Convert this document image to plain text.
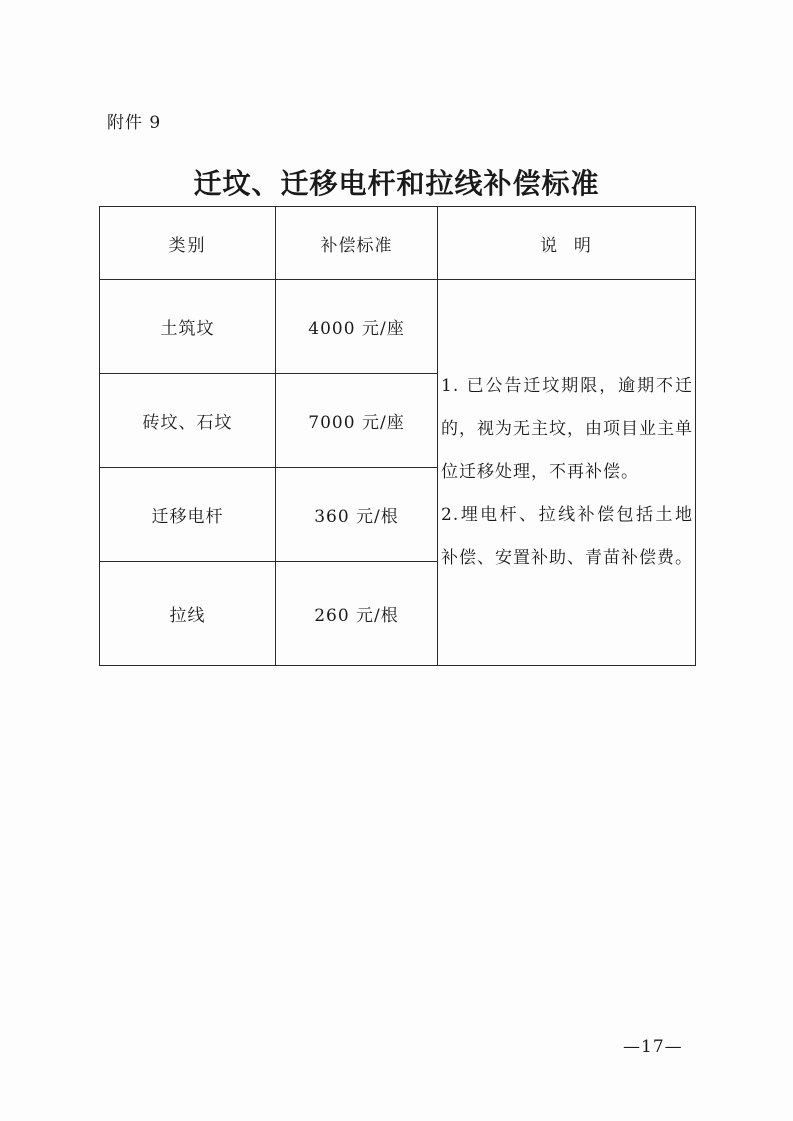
附件 9
迁坟、迁移电杆和拉线补偿标准
类别	补偿标准	说  明
土筑坟	4000 元/座	1. 已公告迁坟期限，逾期不迁的，视为无主坟，由项目业主单位迁移处理，不再补偿。
2.埋电杆、拉线补偿包括土地补偿、安置补助、青苗补偿费。

砖坟、石坟	7000 元/座	
迁移电杆	360 元/根	
拉线	260 元/根	
—17—
